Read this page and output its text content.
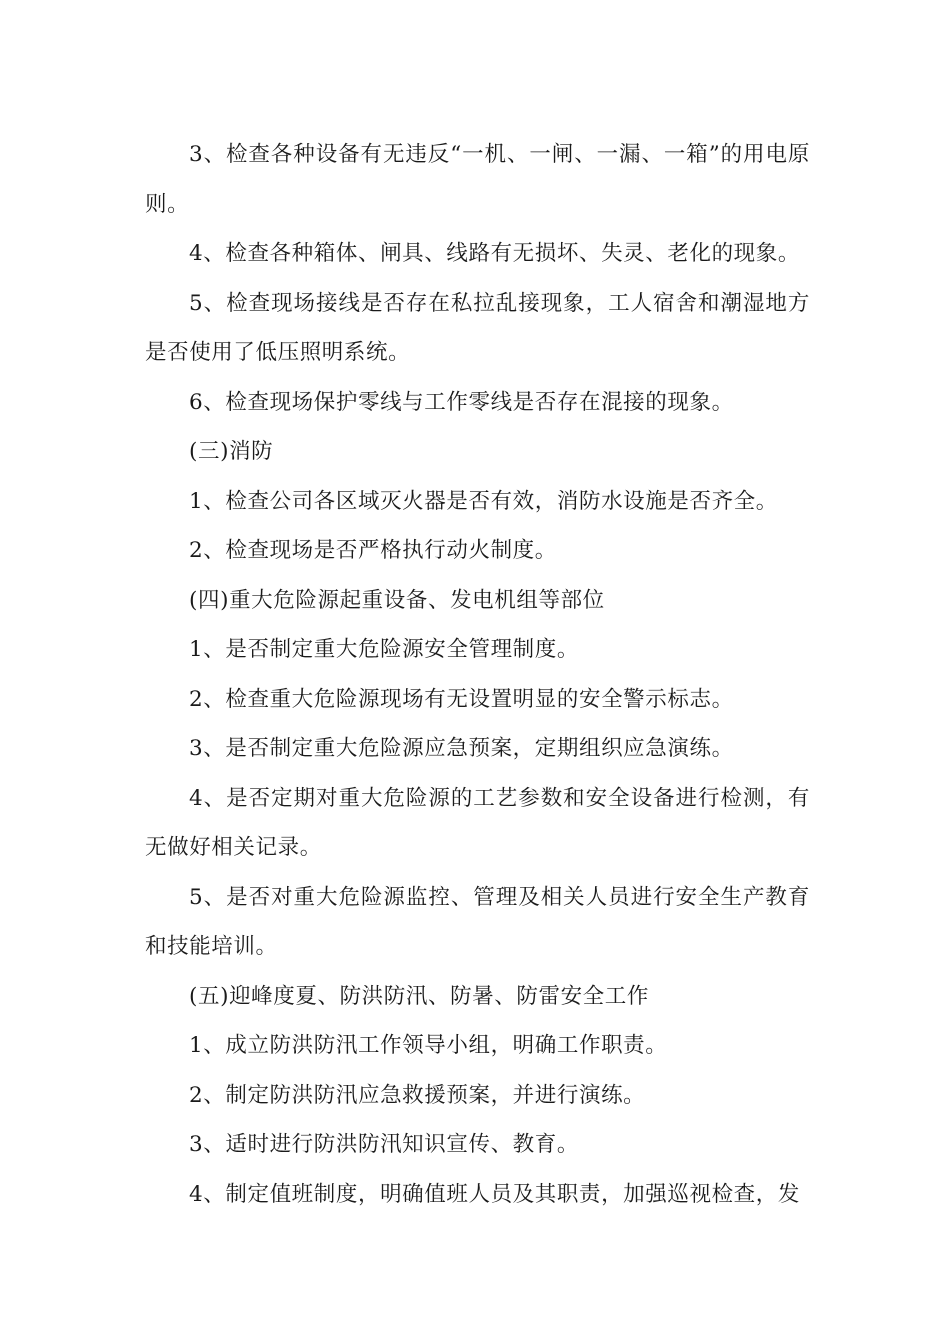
3、检查各种设备有无违反“一机、一闸、一漏、一箱”的用电原则。

4、检查各种箱体、闸具、线路有无损坏、失灵、老化的现象。

5、检查现场接线是否存在私拉乱接现象，工人宿舍和潮湿地方是否使用了低压照明系统。

6、检查现场保护零线与工作零线是否存在混接的现象。

(三)消防

1、检查公司各区域灭火器是否有效，消防水设施是否齐全。

2、检查现场是否严格执行动火制度。

(四)重大危险源起重设备、发电机组等部位

1、是否制定重大危险源安全管理制度。

2、检查重大危险源现场有无设置明显的安全警示标志。

3、是否制定重大危险源应急预案，定期组织应急演练。

4、是否定期对重大危险源的工艺参数和安全设备进行检测，有无做好相关记录。

5、是否对重大危险源监控、管理及相关人员进行安全生产教育和技能培训。

(五)迎峰度夏、防洪防汛、防暑、防雷安全工作

1、成立防洪防汛工作领导小组，明确工作职责。

2、制定防洪防汛应急救援预案，并进行演练。

3、适时进行防洪防汛知识宣传、教育。

4、制定值班制度，明确值班人员及其职责，加强巡视检查，发
